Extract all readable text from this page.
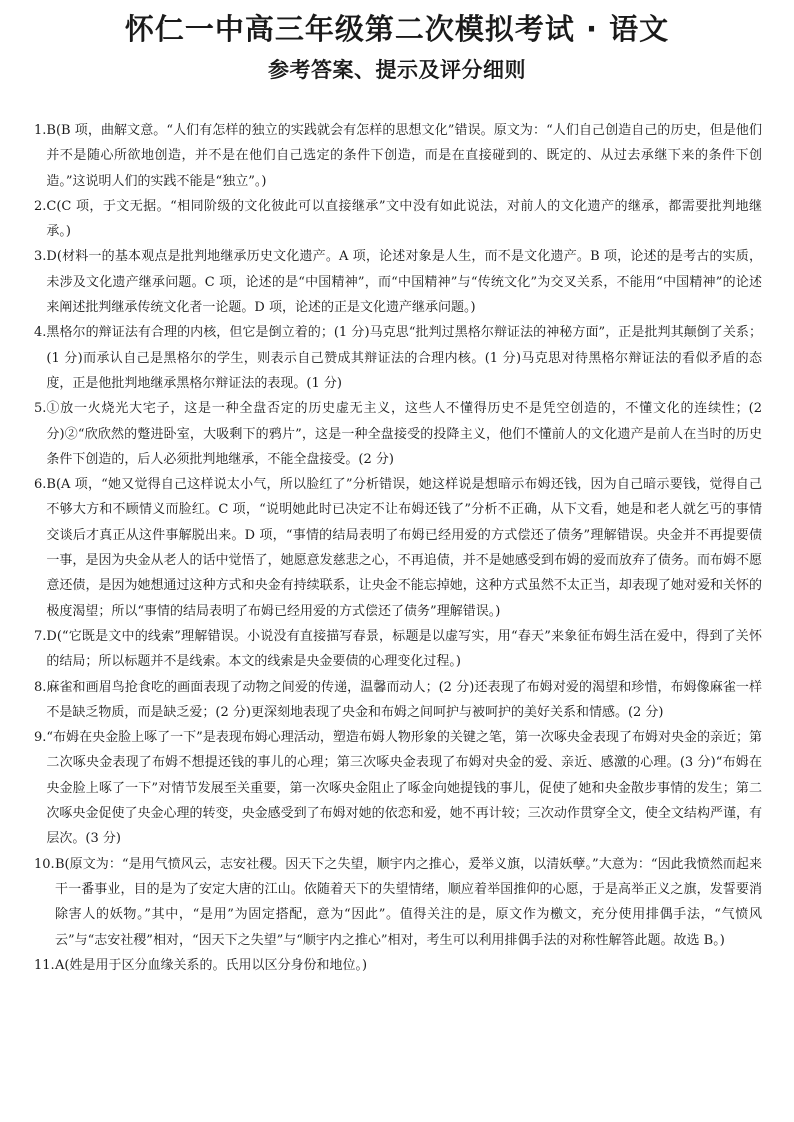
怀仁一中高三年级第二次模拟考试 · 语文
参考答案、提示及评分细则
1. B(B 项，曲解文意。“人们有怎样的独立的实践就会有怎样的思想文化”错误。原文为：“人们自己创造自己的历史，但是他们并不是随心所欲地创造，并不是在他们自己选定的条件下创造，而是在直接碰到的、既定的、从过去承继下来的条件下创造。”这说明人们的实践不能是“独立”。)
2. C(C 项，于文无据。“相同阶级的文化彼此可以直接继承”文中没有如此说法，对前人的文化遗产的继承，都需要批判地继承。)
3. D(材料一的基本观点是批判地继承历史文化遗产。A 项，论述对象是人生，而不是文化遗产。B 项，论述的是考古的实质，未涉及文化遗产继承问题。C 项，论述的是“中国精神”，而“中国精神”与“传统文化”为交叉关系，不能用“中国精神”的论述来阐述批判继承传统文化者一论题。D 项，论述的正是文化遗产继承问题。)
4. 黑格尔的辩证法有合理的内核，但它是倒立着的；(1 分)马克思“批判过黑格尔辩证法的神秘方面”，正是批判其颠倒了关系；(1 分)而承认自己是黑格尔的学生，则表示自己赞成其辩证法的合理内核。(1 分)马克思对待黑格尔辩证法的看似矛盾的态度，正是他批判地继承黑格尔辩证法的表现。(1 分)
5. ①放一火烧光大宅子，这是一种全盘否定的历史虚无主义，这些人不懂得历史不是凭空创造的，不懂文化的连续性；(2 分)②“欣欣然的蹩进卧室，大吸剩下的鸦片”，这是一种全盘接受的投降主义，他们不懂前人的文化遗产是前人在当时的历史条件下创造的，后人必须批判地继承，不能全盘接受。(2 分)
6. B(A 项，“她又觉得自己这样说太小气，所以脸红了”分析错误，她这样说是想暗示布姆还钱，因为自己暗示要钱，觉得自己不够大方和不顾情义而脸红。C 项，“说明她此时已决定不让布姆还钱了”分析不正确，从下文看，她是和老人就乞丐的事情交谈后才真正从这件事解脱出来。D 项，“事情的结局表明了布姆已经用爱的方式偿还了债务”理解错误。央金并不再提要债一事，是因为央金从老人的话中觉悟了，她愿意发慈悲之心，不再追债，并不是她感受到布姆的爱而放弃了债务。而布姆不愿意还债，是因为她想通过这种方式和央金有持续联系，让央金不能忘掉她，这种方式虽然不太正当，却表现了她对爱和关怀的极度渴望；所以“事情的结局表明了布姆已经用爱的方式偿还了债务”理解错误。)
7. D(“它既是文中的线索”理解错误。小说没有直接描写春景，标题是以虚写实，用“春天”来象征布姆生活在爱中，得到了关怀的结局；所以标题并不是线索。本文的线索是央金要债的心理变化过程。)
8. 麻雀和画眉鸟抢食吃的画面表现了动物之间爱的传递，温馨而动人；(2 分)还表现了布姆对爱的渴望和珍惜，布姆像麻雀一样不是缺乏物质，而是缺乏爱；(2 分)更深刻地表现了央金和布姆之间呵护与被呵护的美好关系和情感。(2 分)
9. “布姆在央金脸上啄了一下”是表现布姆心理活动，塑造布姆人物形象的关键之笔，第一次啄央金表现了布姆对央金的亲近；第二次啄央金表现了布姆不想提还钱的事儿的心理；第三次啄央金表现了布姆对央金的爱、亲近、感激的心理。(3 分)“布姆在央金脸上啄了一下”对情节发展至关重要，第一次啄央金阻止了啄金向她提钱的事儿，促使了她和央金散步事情的发生；第二次啄央金促使了央金心理的转变，央金感受到了布姆对她的依恋和爱，她不再计较；三次动作贯穿全文，使全文结构严谨，有层次。(3 分)
10. B(原文为：“是用气愤风云，志安社稷。因天下之失望，顺宇内之推心，爰举义旗，以清妖孽。”大意为：“因此我愤然而起来干一番事业，目的是为了安定大唐的江山。依随着天下的失望情绪，顺应着举国推仰的心愿，于是高举正义之旗，发誓要消除害人的妖物。”其中，“是用”为固定搭配，意为“因此”。值得关注的是，原文作为檄文，充分使用排偶手法，“气愤风云”与“志安社稷”相对，“因天下之失望”与“顺宇内之推心”相对，考生可以利用排偶手法的对称性解答此题。故选 B。)
11. A(姓是用于区分血缘关系的。氏用以区分身份和地位。)
